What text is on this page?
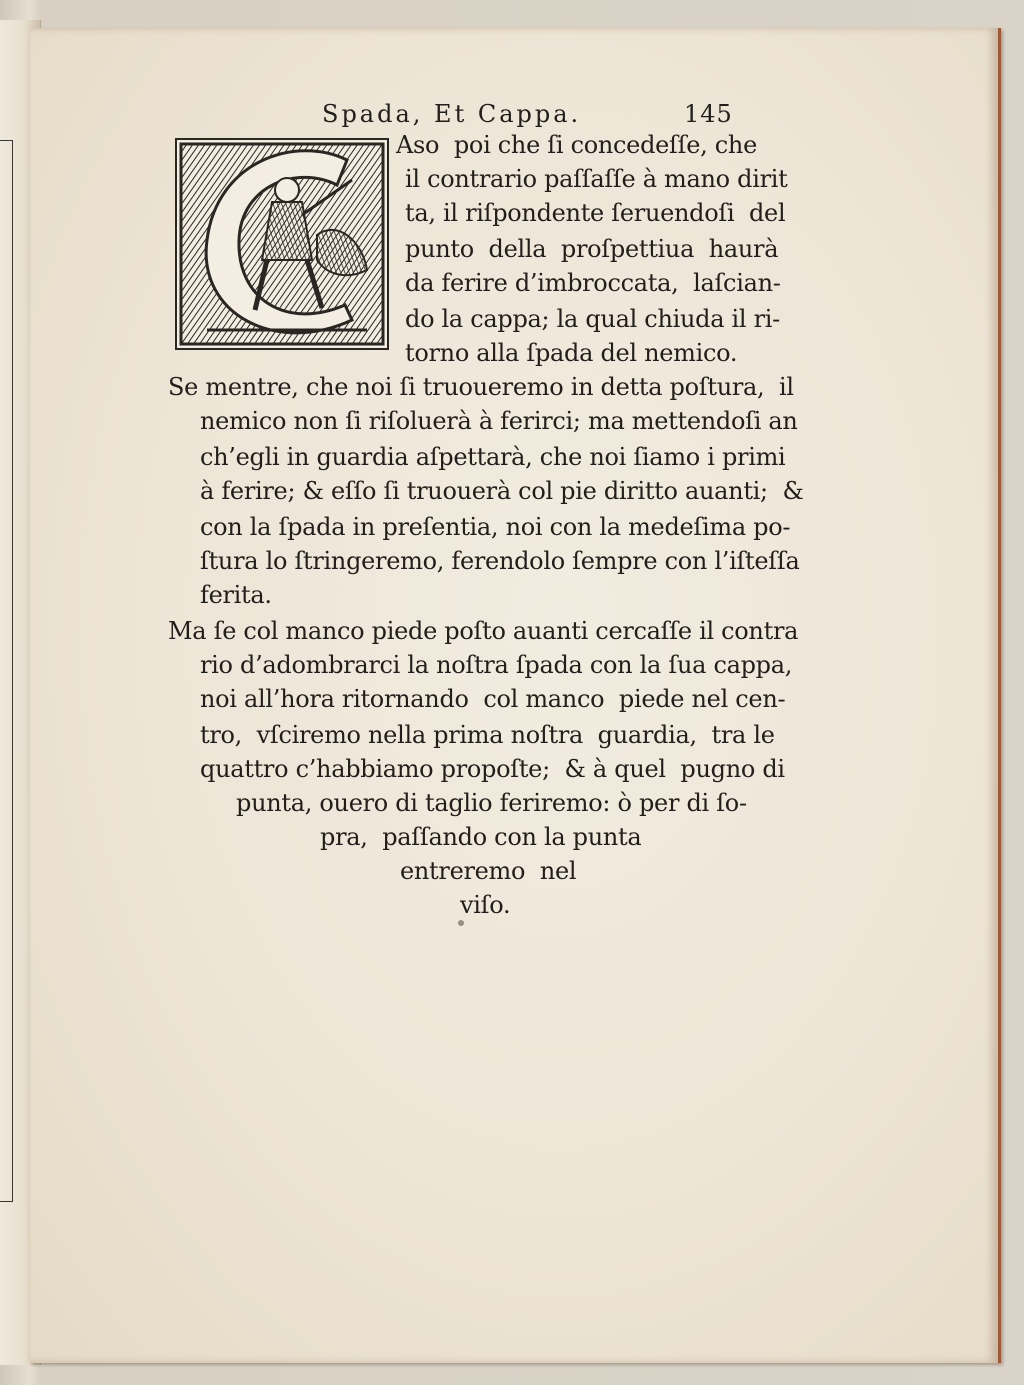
Spada, Et Cappa.	145
Aso  poi che ſi concedeſſe, che
il contrario paſſaſſe à mano dirit
ta, il riſpondente ſeruendoſi  del
punto  della  proſpettiua  haurà
da ferire d’imbroccata,  laſcian-
do la cappa; la qual chiuda il ri-
torno alla ſpada del nemico.
Se mentre, che noi ſi truoueremo in detta poſtura,  il
nemico non ſi riſoluerà à ferirci; ma mettendoſi an
ch’egli in guardia aſpettarà, che noi ſiamo i primi
à ferire; & eſſo ſi truouerà col pie diritto auanti;  &
con la ſpada in preſentia, noi con la medeſima po-
ſtura lo ſtringeremo, ferendolo ſempre con l’iſteſſa
ferita.
Ma ſe col manco piede poſto auanti cercaſſe il contra
rio d’adombrarci la noſtra ſpada con la ſua cappa,
noi all’hora ritornando  col manco  piede nel cen-
tro,  vſciremo nella prima noſtra  guardia,  tra le
quattro c’habbiamo propoſte;  & à quel  pugno di
punta, ouero di taglio feriremo: ò per di ſo-
pra,  paſſando con la punta
entreremo  nel
viſo.
